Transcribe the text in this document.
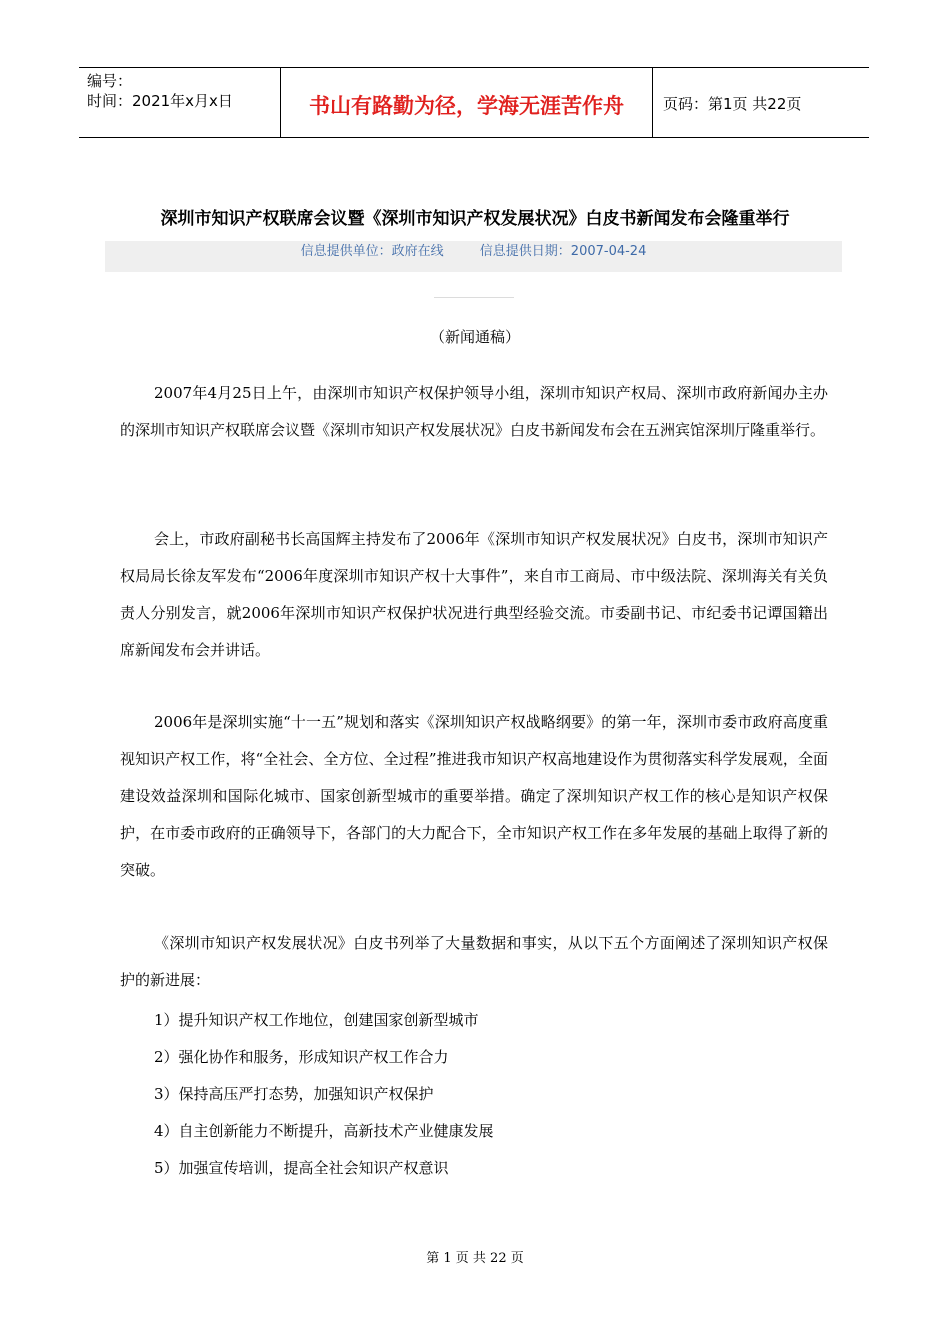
编号：
时间：2021年x月x日	书山有路勤为径，学海无涯苦作舟	页码：第1页 共22页
深圳市知识产权联席会议暨《深圳市知识产权发展状况》白皮书新闻发布会隆重举行
信息提供单位：政府在线	信息提供日期：2007-04-24
（新闻通稿）

2007年4月25日上午，由深圳市知识产权保护领导小组，深圳市知识产权局、深圳市政府新闻办主办的深圳市知识产权联席会议暨《深圳市知识产权发展状况》白皮书新闻发布会在五洲宾馆深圳厅隆重举行。

会上，市政府副秘书长高国辉主持发布了2006年《深圳市知识产权发展状况》白皮书，深圳市知识产权局局长徐友军发布“2006年度深圳市知识产权十大事件”，来自市工商局、市中级法院、深圳海关有关负责人分别发言，就2006年深圳市知识产权保护状况进行典型经验交流。市委副书记、市纪委书记谭国籍出席新闻发布会并讲话。

2006年是深圳实施“十一五”规划和落实《深圳知识产权战略纲要》的第一年，深圳市委市政府高度重视知识产权工作，将“全社会、全方位、全过程”推进我市知识产权高地建设作为贯彻落实科学发展观，全面建设效益深圳和国际化城市、国家创新型城市的重要举措。确定了深圳知识产权工作的核心是知识产权保护，在市委市政府的正确领导下，各部门的大力配合下，全市知识产权工作在多年发展的基础上取得了新的突破。

《深圳市知识产权发展状况》白皮书列举了大量数据和事实，从以下五个方面阐述了深圳知识产权保护的新进展：

1）提升知识产权工作地位，创建国家创新型城市
2）强化协作和服务，形成知识产权工作合力
3）保持高压严打态势，加强知识产权保护
4）自主创新能力不断提升，高新技术产业健康发展
5）加强宣传培训，提高全社会知识产权意识
第 1 页 共 22 页
